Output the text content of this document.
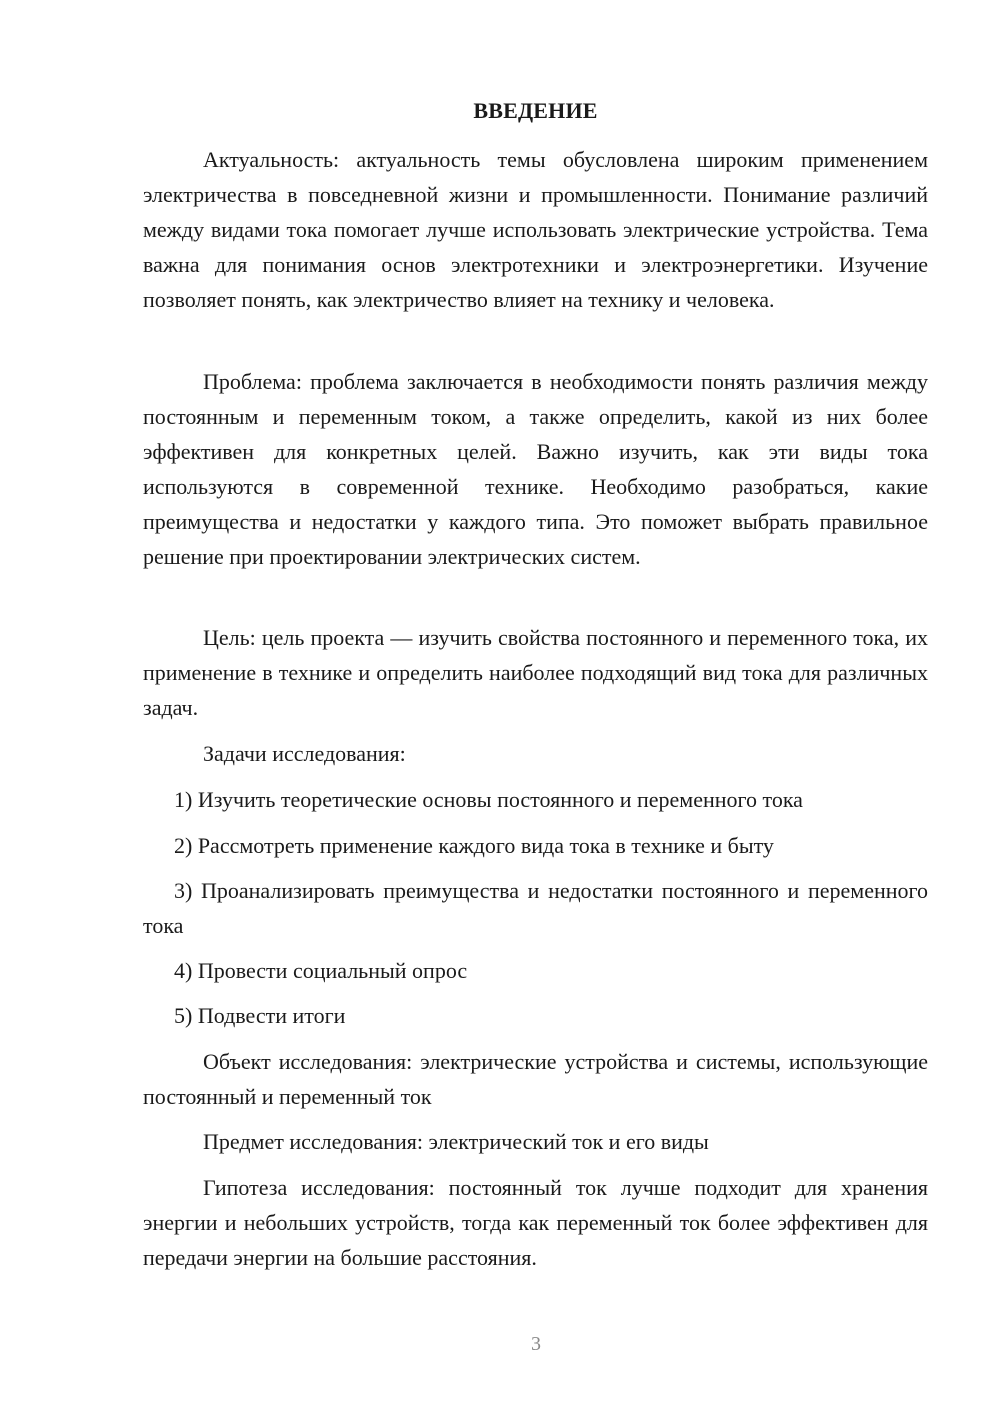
ВВЕДЕНИЕ

Актуальность: актуальность темы обусловлена широким применением электричества в повседневной жизни и промышленности. Понимание различий между видами тока помогает лучше использовать электрические устройства. Тема важна для понимания основ электротехники и электроэнергетики. Изучение позволяет понять, как электричество влияет на технику и человека.

Проблема: проблема заключается в необходимости понять различия между постоянным и переменным током, а также определить, какой из них более эффективен для конкретных целей. Важно изучить, как эти виды тока используются в современной технике. Необходимо разобраться, какие преимущества и недостатки у каждого типа. Это поможет выбрать правильное решение при проектировании электрических систем.

Цель: цель проекта — изучить свойства постоянного и переменного тока, их применение в технике и определить наиболее подходящий вид тока для различных задач.

Задачи исследования:

1) Изучить теоретические основы постоянного и переменного тока

2) Рассмотреть применение каждого вида тока в технике и быту

3) Проанализировать преимущества и недостатки постоянного и переменного тока

4) Провести социальный опрос

5) Подвести итоги

Объект исследования: электрические устройства и системы, использующие постоянный и переменный ток

Предмет исследования: электрический ток и его виды

Гипотеза исследования: постоянный ток лучше подходит для хранения энергии и небольших устройств, тогда как переменный ток более эффективен для передачи энергии на большие расстояния.

3
